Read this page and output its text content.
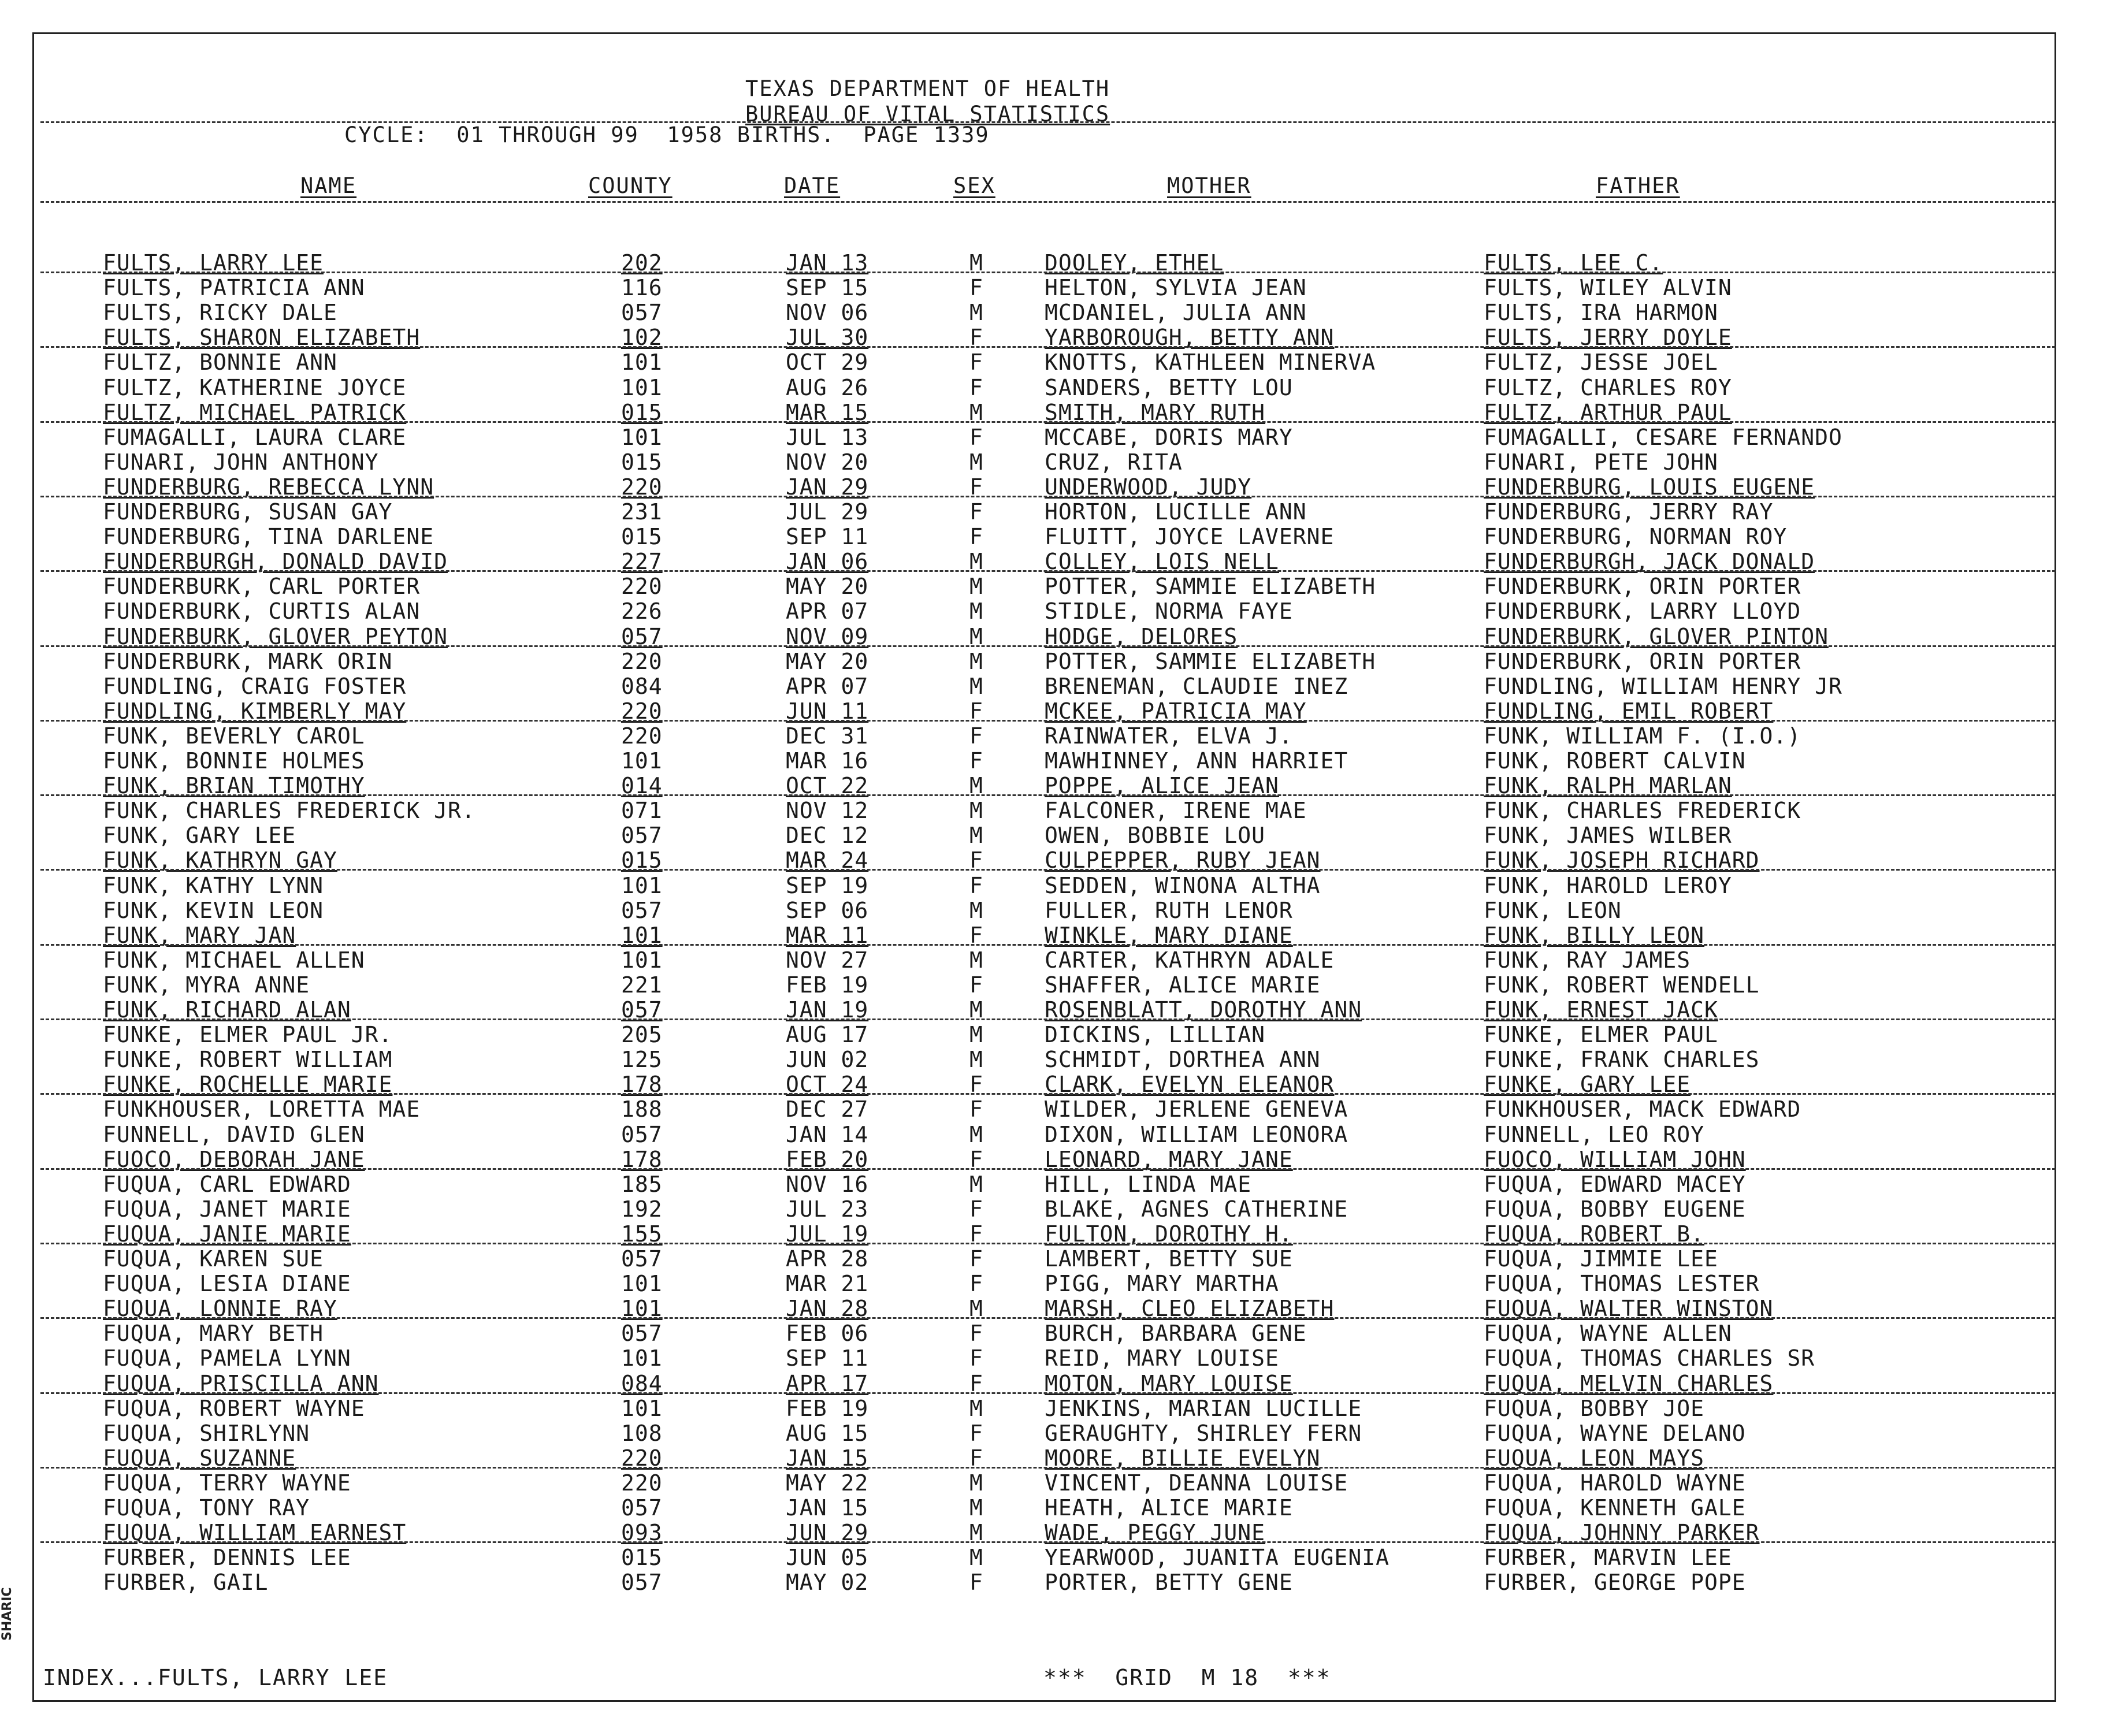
SHARIC
TEXAS DEPARTMENT OF HEALTH
BUREAU OF VITAL STATISTICS
CYCLE:  01 THROUGH 99  1958 BIRTHS.  PAGE 1339
NAME	COUNTY	DATE	SEX	MOTHER	FATHER
FULTS, LARRY LEE	202	JAN 13	M	DOOLEY, ETHEL	FULTS, LEE C.
FULTS, PATRICIA ANN	116	SEP 15	F	HELTON, SYLVIA JEAN	FULTS, WILEY ALVIN
FULTS, RICKY DALE	057	NOV 06	M	MCDANIEL, JULIA ANN	FULTS, IRA HARMON
FULTS, SHARON ELIZABETH	102	JUL 30	F	YARBOROUGH, BETTY ANN	FULTS, JERRY DOYLE
FULTZ, BONNIE ANN	101	OCT 29	F	KNOTTS, KATHLEEN MINERVA	FULTZ, JESSE JOEL
FULTZ, KATHERINE JOYCE	101	AUG 26	F	SANDERS, BETTY LOU	FULTZ, CHARLES ROY
FULTZ, MICHAEL PATRICK	015	MAR 15	M	SMITH, MARY RUTH	FULTZ, ARTHUR PAUL
FUMAGALLI, LAURA CLARE	101	JUL 13	F	MCCABE, DORIS MARY	FUMAGALLI, CESARE FERNANDO
FUNARI, JOHN ANTHONY	015	NOV 20	M	CRUZ, RITA	FUNARI, PETE JOHN
FUNDERBURG, REBECCA LYNN	220	JAN 29	F	UNDERWOOD, JUDY	FUNDERBURG, LOUIS EUGENE
FUNDERBURG, SUSAN GAY	231	JUL 29	F	HORTON, LUCILLE ANN	FUNDERBURG, JERRY RAY
FUNDERBURG, TINA DARLENE	015	SEP 11	F	FLUITT, JOYCE LAVERNE	FUNDERBURG, NORMAN ROY
FUNDERBURGH, DONALD DAVID	227	JAN 06	M	COLLEY, LOIS NELL	FUNDERBURGH, JACK DONALD
FUNDERBURK, CARL PORTER	220	MAY 20	M	POTTER, SAMMIE ELIZABETH	FUNDERBURK, ORIN PORTER
FUNDERBURK, CURTIS ALAN	226	APR 07	M	STIDLE, NORMA FAYE	FUNDERBURK, LARRY LLOYD
FUNDERBURK, GLOVER PEYTON	057	NOV 09	M	HODGE, DELORES	FUNDERBURK, GLOVER PINTON
FUNDERBURK, MARK ORIN	220	MAY 20	M	POTTER, SAMMIE ELIZABETH	FUNDERBURK, ORIN PORTER
FUNDLING, CRAIG FOSTER	084	APR 07	M	BRENEMAN, CLAUDIE INEZ	FUNDLING, WILLIAM HENRY JR
FUNDLING, KIMBERLY MAY	220	JUN 11	F	MCKEE, PATRICIA MAY	FUNDLING, EMIL ROBERT
FUNK, BEVERLY CAROL	220	DEC 31	F	RAINWATER, ELVA J.	FUNK, WILLIAM F. (I.O.)
FUNK, BONNIE HOLMES	101	MAR 16	F	MAWHINNEY, ANN HARRIET	FUNK, ROBERT CALVIN
FUNK, BRIAN TIMOTHY	014	OCT 22	M	POPPE, ALICE JEAN	FUNK, RALPH MARLAN
FUNK, CHARLES FREDERICK JR.	071	NOV 12	M	FALCONER, IRENE MAE	FUNK, CHARLES FREDERICK
FUNK, GARY LEE	057	DEC 12	M	OWEN, BOBBIE LOU	FUNK, JAMES WILBER
FUNK, KATHRYN GAY	015	MAR 24	F	CULPEPPER, RUBY JEAN	FUNK, JOSEPH RICHARD
FUNK, KATHY LYNN	101	SEP 19	F	SEDDEN, WINONA ALTHA	FUNK, HAROLD LEROY
FUNK, KEVIN LEON	057	SEP 06	M	FULLER, RUTH LENOR	FUNK, LEON
FUNK, MARY JAN	101	MAR 11	F	WINKLE, MARY DIANE	FUNK, BILLY LEON
FUNK, MICHAEL ALLEN	101	NOV 27	M	CARTER, KATHRYN ADALE	FUNK, RAY JAMES
FUNK, MYRA ANNE	221	FEB 19	F	SHAFFER, ALICE MARIE	FUNK, ROBERT WENDELL
FUNK, RICHARD ALAN	057	JAN 19	M	ROSENBLATT, DOROTHY ANN	FUNK, ERNEST JACK
FUNKE, ELMER PAUL JR.	205	AUG 17	M	DICKINS, LILLIAN	FUNKE, ELMER PAUL
FUNKE, ROBERT WILLIAM	125	JUN 02	M	SCHMIDT, DORTHEA ANN	FUNKE, FRANK CHARLES
FUNKE, ROCHELLE MARIE	178	OCT 24	F	CLARK, EVELYN ELEANOR	FUNKE, GARY LEE
FUNKHOUSER, LORETTA MAE	188	DEC 27	F	WILDER, JERLENE GENEVA	FUNKHOUSER, MACK EDWARD
FUNNELL, DAVID GLEN	057	JAN 14	M	DIXON, WILLIAM LEONORA	FUNNELL, LEO ROY
FUOCO, DEBORAH JANE	178	FEB 20	F	LEONARD, MARY JANE	FUOCO, WILLIAM JOHN
FUQUA, CARL EDWARD	185	NOV 16	M	HILL, LINDA MAE	FUQUA, EDWARD MACEY
FUQUA, JANET MARIE	192	JUL 23	F	BLAKE, AGNES CATHERINE	FUQUA, BOBBY EUGENE
FUQUA, JANIE MARIE	155	JUL 19	F	FULTON, DOROTHY H.	FUQUA, ROBERT B.
FUQUA, KAREN SUE	057	APR 28	F	LAMBERT, BETTY SUE	FUQUA, JIMMIE LEE
FUQUA, LESIA DIANE	101	MAR 21	F	PIGG, MARY MARTHA	FUQUA, THOMAS LESTER
FUQUA, LONNIE RAY	101	JAN 28	M	MARSH, CLEO ELIZABETH	FUQUA, WALTER WINSTON
FUQUA, MARY BETH	057	FEB 06	F	BURCH, BARBARA GENE	FUQUA, WAYNE ALLEN
FUQUA, PAMELA LYNN	101	SEP 11	F	REID, MARY LOUISE	FUQUA, THOMAS CHARLES SR
FUQUA, PRISCILLA ANN	084	APR 17	F	MOTON, MARY LOUISE	FUQUA, MELVIN CHARLES
FUQUA, ROBERT WAYNE	101	FEB 19	M	JENKINS, MARIAN LUCILLE	FUQUA, BOBBY JOE
FUQUA, SHIRLYNN	108	AUG 15	F	GERAUGHTY, SHIRLEY FERN	FUQUA, WAYNE DELANO
FUQUA, SUZANNE	220	JAN 15	F	MOORE, BILLIE EVELYN	FUQUA, LEON MAYS
FUQUA, TERRY WAYNE	220	MAY 22	M	VINCENT, DEANNA LOUISE	FUQUA, HAROLD WAYNE
FUQUA, TONY RAY	057	JAN 15	M	HEATH, ALICE MARIE	FUQUA, KENNETH GALE
FUQUA, WILLIAM EARNEST	093	JUN 29	M	WADE, PEGGY JUNE	FUQUA, JOHNNY PARKER
FURBER, DENNIS LEE	015	JUN 05	M	YEARWOOD, JUANITA EUGENIA	FURBER, MARVIN LEE
FURBER, GAIL	057	MAY 02	F	PORTER, BETTY GENE	FURBER, GEORGE POPE
INDEX...FULTS, LARRY LEE	***  GRID  M 18  ***
